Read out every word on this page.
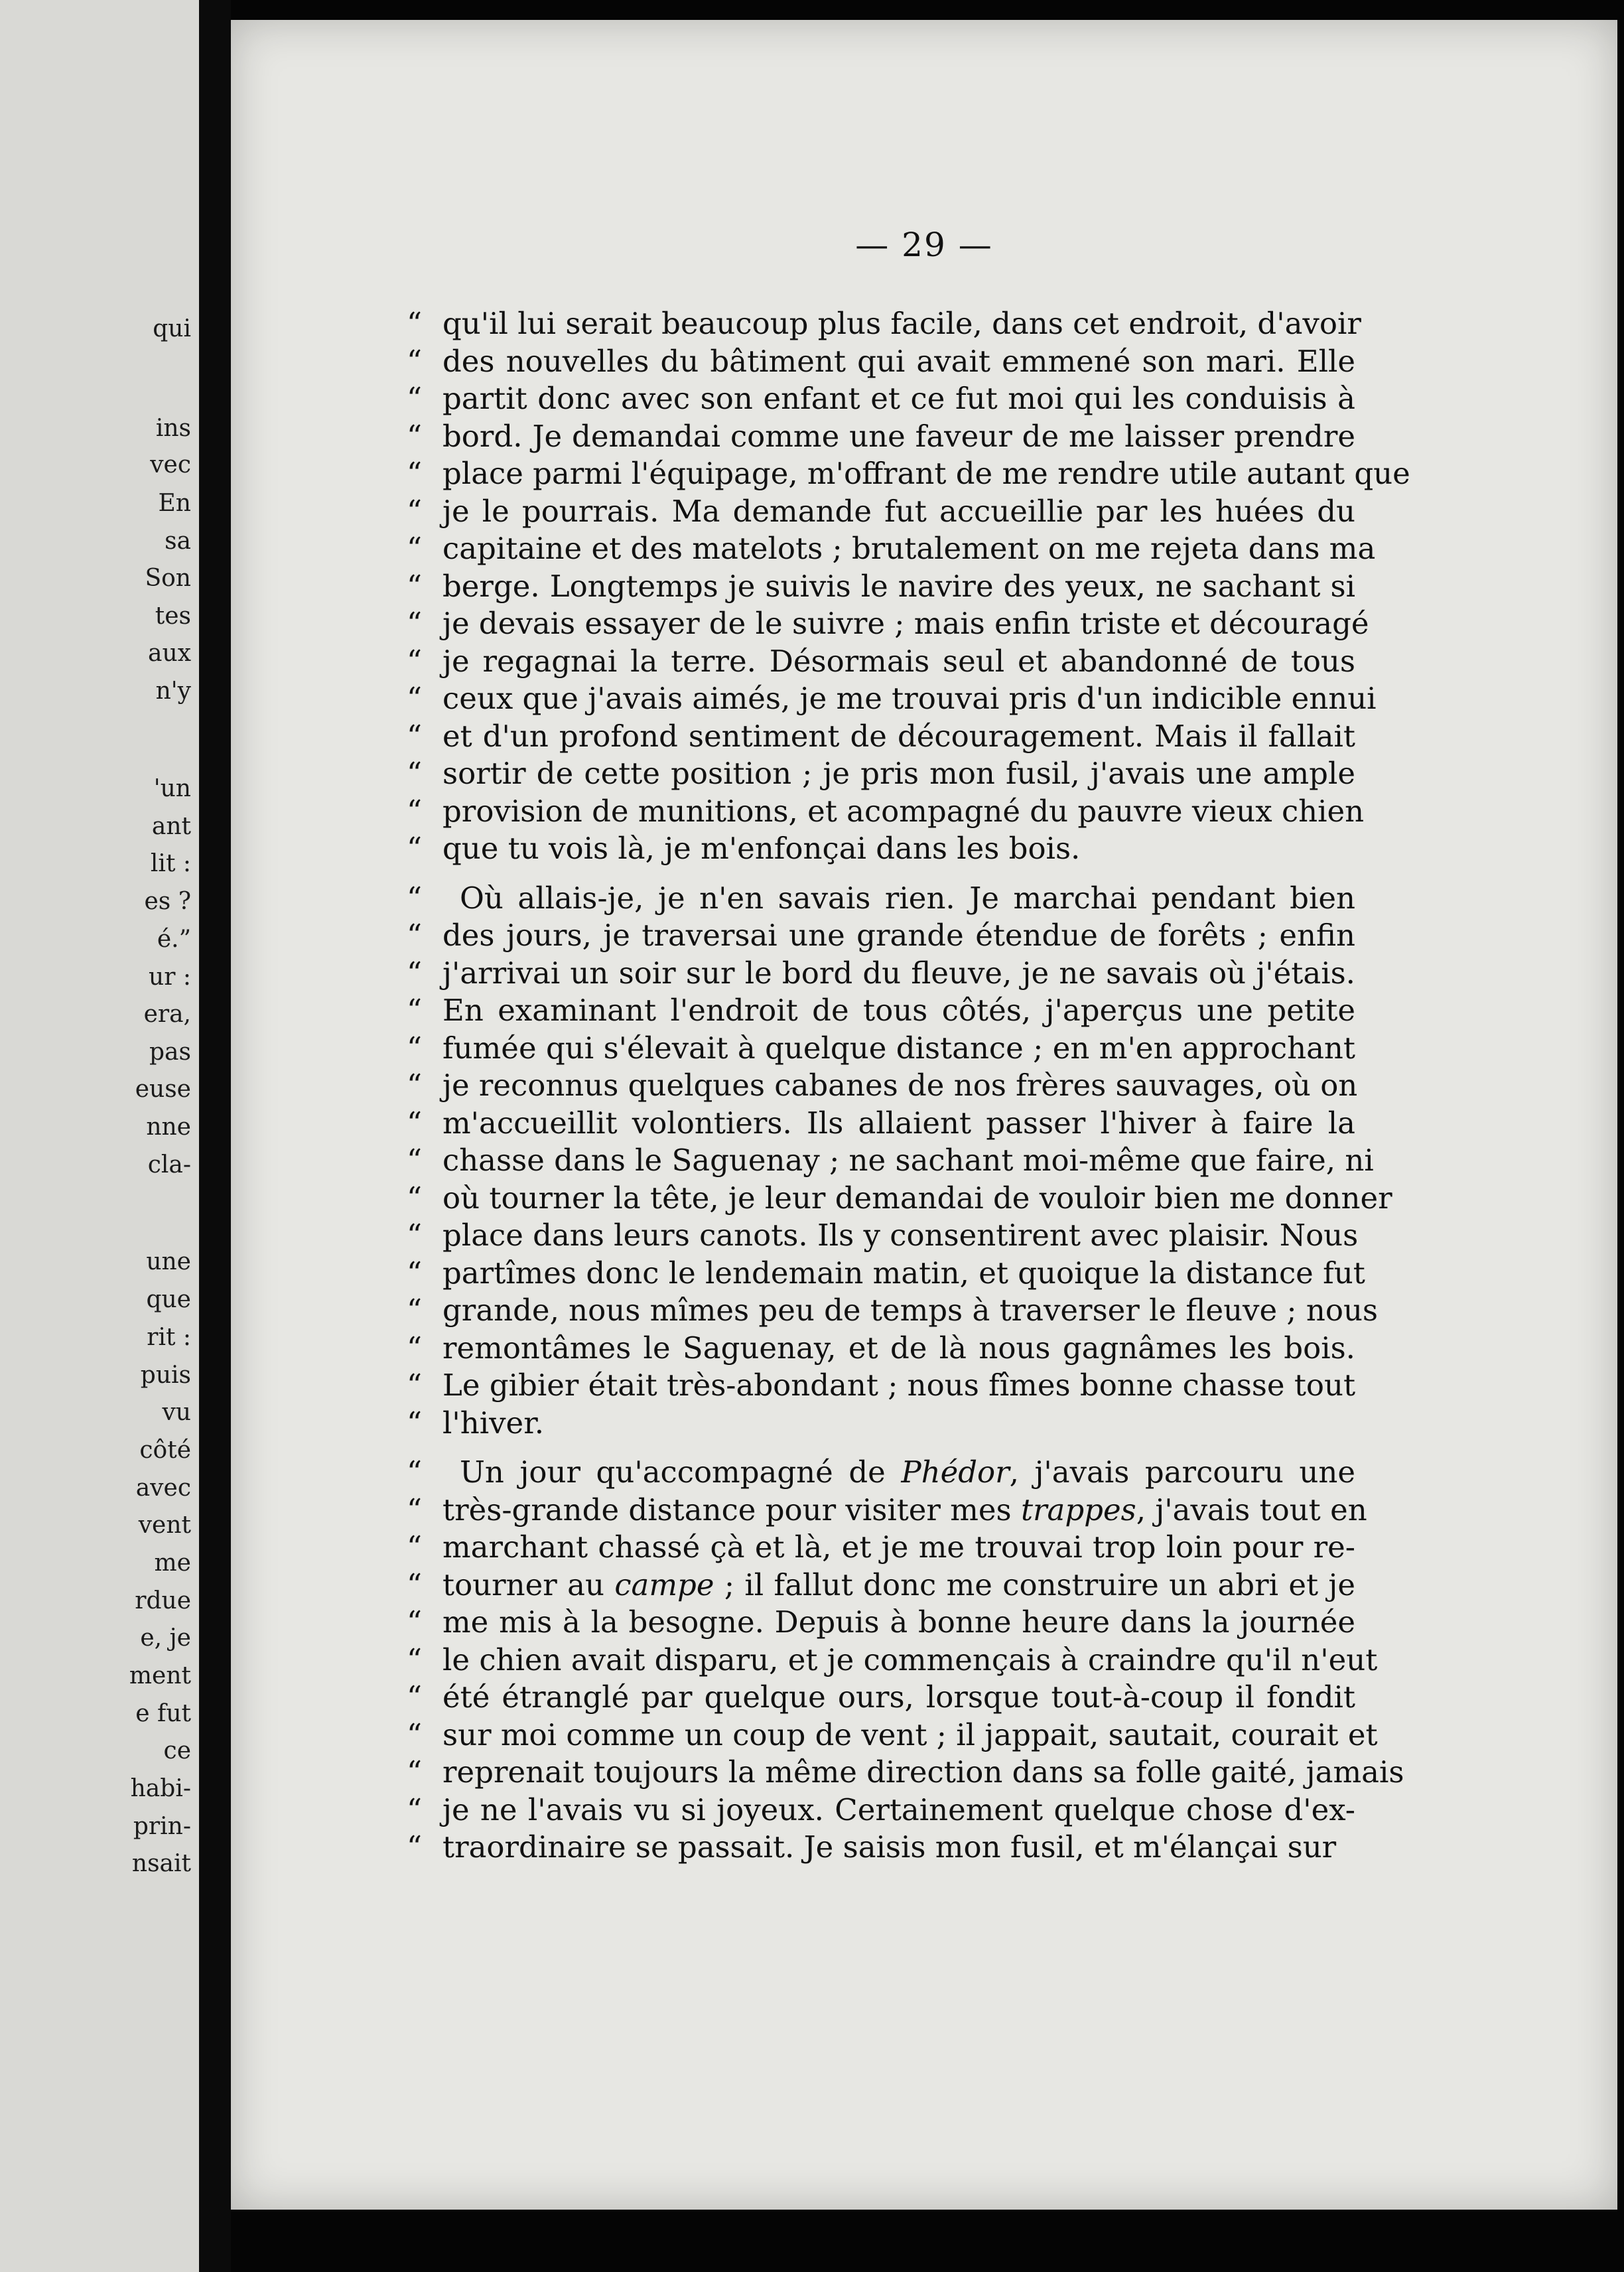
qui
ins
vec
En
sa
Son
tes
aux
n'y
'un
ant
lit :
es ?
é.”
ur :
era,
pas
euse
nne
cla-
une
que
rit :
puis
vu
côté
avec
vent
me
rdue
e, je
ment
e fut
ce
habi-
prin-
nsait
— 29 —
“ qu'il lui serait beaucoup plus facile, dans cet endroit, d'avoir
“ des nouvelles du bâtiment qui avait emmené son mari. Elle
“ partit donc avec son enfant et ce fut moi qui les conduisis à
“ bord. Je demandai comme une faveur de me laisser prendre
“ place parmi l'équipage, m'offrant de me rendre utile autant que
“ je le pourrais. Ma demande fut accueillie par les huées du
“ capitaine et des matelots ; brutalement on me rejeta dans ma
“ berge. Longtemps je suivis le navire des yeux, ne sachant si
“ je devais essayer de le suivre ; mais enfin triste et découragé
“ je regagnai la terre. Désormais seul et abandonné de tous
“ ceux que j'avais aimés, je me trouvai pris d'un indicible ennui
“ et d'un profond sentiment de découragement. Mais il fallait
“ sortir de cette position ; je pris mon fusil, j'avais une ample
“ provision de munitions, et acompagné du pauvre vieux chien
“ que tu vois là, je m'enfonçai dans les bois.
“	Où allais-je, je n'en savais rien. Je marchai pendant bien
“ des jours, je traversai une grande étendue de forêts ; enfin
“ j'arrivai un soir sur le bord du fleuve, je ne savais où j'étais.
“ En examinant l'endroit de tous côtés, j'aperçus une petite
“ fumée qui s'élevait à quelque distance ; en m'en approchant
“ je reconnus quelques cabanes de nos frères sauvages, où on
“ m'accueillit volontiers. Ils allaient passer l'hiver à faire la
“ chasse dans le Saguenay ; ne sachant moi-même que faire, ni
“ où tourner la tête, je leur demandai de vouloir bien me donner
“ place dans leurs canots. Ils y consentirent avec plaisir. Nous
“ partîmes donc le lendemain matin, et quoique la distance fut
“ grande, nous mîmes peu de temps à traverser le fleuve ; nous
“ remontâmes le Saguenay, et de là nous gagnâmes les bois.
“ Le gibier était très-abondant ; nous fîmes bonne chasse tout
“ l'hiver.
“	Un jour qu'accompagné de Phédor, j'avais parcouru une
“ très-grande distance pour visiter mes trappes, j'avais tout en
“ marchant chassé çà et là, et je me trouvai trop loin pour re-
“ tourner au campe ; il fallut donc me construire un abri et je
“ me mis à la besogne. Depuis à bonne heure dans la journée
“ le chien avait disparu, et je commençais à craindre qu'il n'eut
“ été étranglé par quelque ours, lorsque tout-à-coup il fondit
“ sur moi comme un coup de vent ; il jappait, sautait, courait et
“ reprenait toujours la même direction dans sa folle gaité, jamais
“ je ne l'avais vu si joyeux. Certainement quelque chose d'ex-
“ traordinaire se passait. Je saisis mon fusil, et m'élançai sur
